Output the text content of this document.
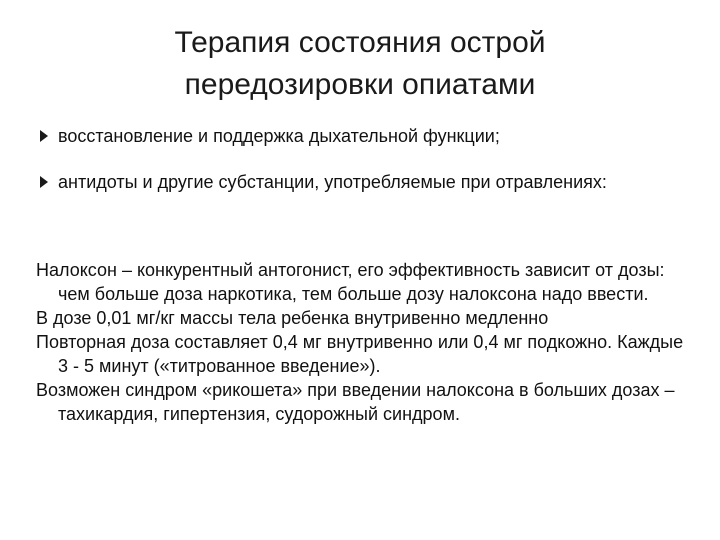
Терапия состояния острой
передозировки опиатами
восстановление и поддержка дыхательной функции;
антидоты и другие субстанции, употребляемые при отравлениях:
Налоксон – конкурентный антогонист, его эффективность зависит от дозы: чем больше доза наркотика, тем больше дозу налоксона надо ввести.
В дозе 0,01 мг/кг массы тела ребенка внутривенно медленно
Повторная доза составляет 0,4 мг внутривенно или 0,4 мг подкожно. Каждые 3 - 5 минут («титрованное введение»).
Возможен синдром «рикошета» при введении налоксона в больших дозах – тахикардия, гипертензия, судорожный синдром.
